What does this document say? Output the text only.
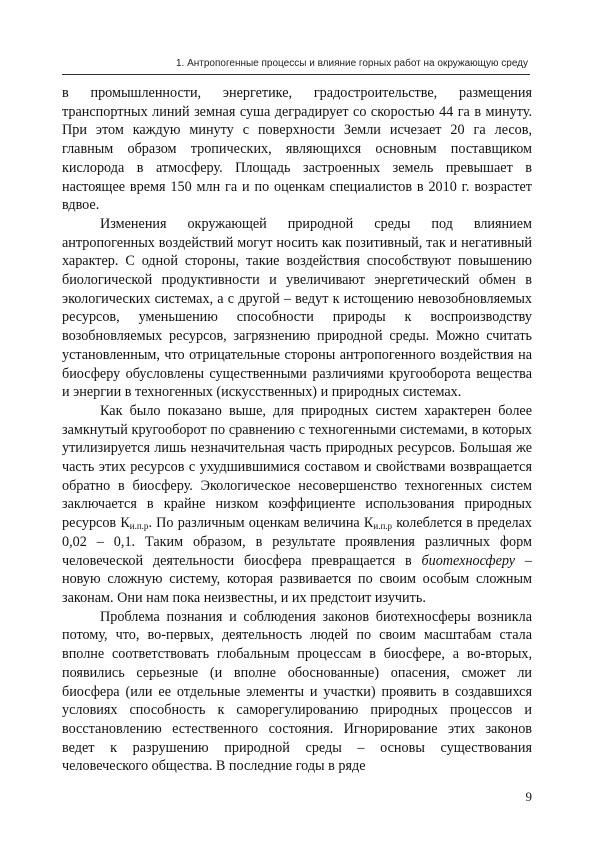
1. Антропогенные процессы и влияние горных работ на окружающую среду

в промышленности, энергетике, градостроительстве, размещения транспортных линий земная суша деградирует со скоростью 44 га в минуту. При этом каждую минуту с поверхности Земли исчезает 20 га лесов, главным образом тропических, являющихся основным поставщиком кислорода в атмосферу. Площадь застроенных земель превышает в настоящее время 150 млн га и по оценкам специалистов в 2010 г. возрастет вдвое.

Изменения окружающей природной среды под влиянием антропогенных воздействий могут носить как позитивный, так и негативный характер. С одной стороны, такие воздействия способствуют повышению биологической продуктивности и увеличивают энергетический обмен в экологических системах, а с другой – ведут к истощению невозобновляемых ресурсов, уменьшению способности природы к воспроизводству возобновляемых ресурсов, загрязнению природной среды. Можно считать установленным, что отрицательные стороны антропогенного воздействия на биосферу обусловлены существенными различиями кругооборота вещества и энергии в техногенных (искусственных) и природных системах.

Как было показано выше, для природных систем характерен более замкнутый кругооборот по сравнению с техногенными системами, в которых утилизируется лишь незначительная часть природных ресурсов. Большая же часть этих ресурсов с ухудшившимися составом и свойствами возвращается обратно в биосферу. Экологическое несовершенство техногенных систем заключается в крайне низком коэффициенте использования природных ресурсов $К_{и.п.р}$. По различным оценкам величина $К_{и.п.р}$ колеблется в пределах 0,02 – 0,1. Таким образом, в результате проявления различных форм человеческой деятельности биосфера превращается в биотехносферу – новую сложную систему, которая развивается по своим особым сложным законам. Они нам пока неизвестны, и их предстоит изучить.

Проблема познания и соблюдения законов биотехносферы возникла потому, что, во-первых, деятельность людей по своим масштабам стала вполне соответствовать глобальным процессам в биосфере, а во-вторых, появились серьезные (и вполне обоснованные) опасения, сможет ли биосфера (или ее отдельные элементы и участки) проявить в создавшихся условиях способность к саморегулированию природных процессов и восстановлению естественного состояния. Игнорирование этих законов ведет к разрушению природной среды – основы существования человеческого общества. В последние годы в ряде

9
